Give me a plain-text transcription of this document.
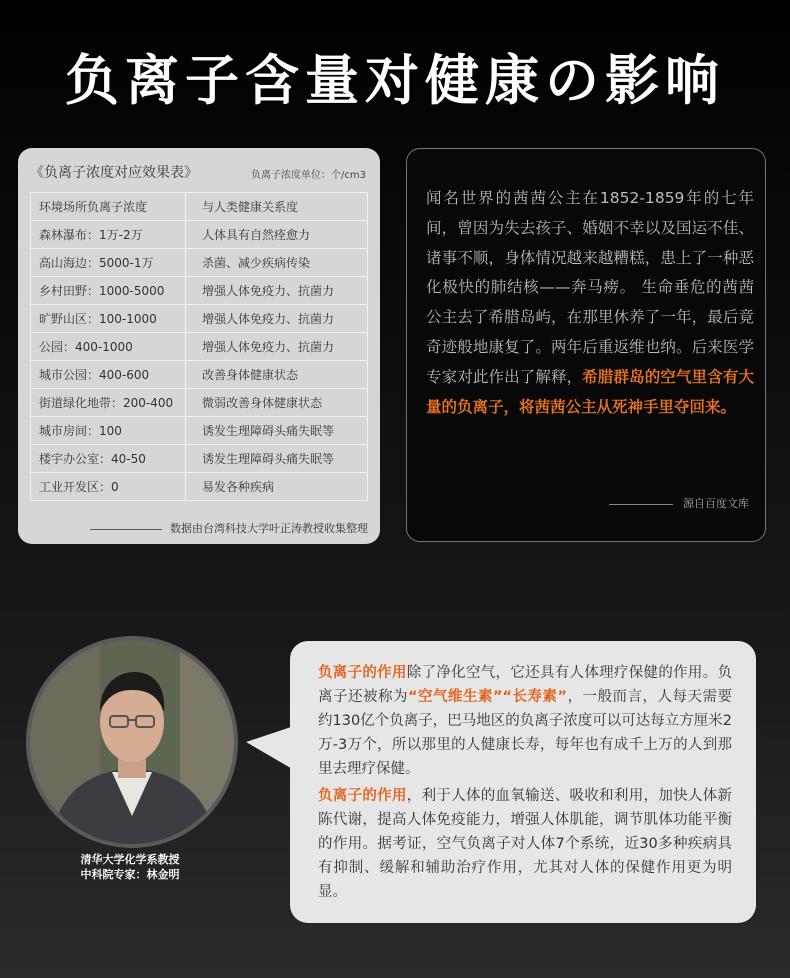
负离子含量对健康の影响
《负离子浓度对应效果表》	负离子浓度单位：个/cm3
环境场所负离子浓度	与人类健康关系度
森林瀑布：1万-2万	人体具有自然痊愈力
高山海边：5000-1万	杀菌、减少疾病传染
乡村田野：1000-5000	增强人体免疫力、抗菌力
旷野山区：100-1000	增强人体免疫力、抗菌力
公园：400-1000	增强人体免疫力、抗菌力
城市公园：400-600	改善身体健康状态
街道绿化地带：200-400	微弱改善身体健康状态
城市房间：100	诱发生理障碍头痛失眠等
楼宇办公室：40-50	诱发生理障碍头痛失眠等
工业开发区：0	易发各种疾病
数据由台湾科技大学叶正涛教授收集整理
闻名世界的茜茜公主在1852-1859年的七年间，曾因为失去孩子、婚姻不幸以及国运不佳、诸事不顺，身体情况越来越糟糕，患上了一种恶化极快的肺结核——奔马痨。 生命垂危的茜茜公主去了希腊岛屿，在那里休养了一年，最后竟奇迹般地康复了。两年后重返维也纳。后来医学专家对此作出了解释，希腊群岛的空气里含有大量的负离子，将茜茜公主从死神手里夺回来。
源自百度文库
清华大学化学系教授
中科院专家：林金明
负离子的作用除了净化空气，它还具有人体理疗保健的作用。负离子还被称为“空气维生素”“长寿素”，一般而言，人每天需要约130亿个负离子，巴马地区的负离子浓度可以可达每立方厘米2万-3万个，所以那里的人健康长寿，每年也有成千上万的人到那里去理疗保健。
负离子的作用，利于人体的血氧输送、吸收和利用，加快人体新陈代谢，提高人体免疫能力，增强人体肌能，调节肌体功能平衡的作用。据考证，空气负离子对人体7个系统，近30多种疾病具有抑制、缓解和辅助治疗作用，尤其对人体的保健作用更为明显。
